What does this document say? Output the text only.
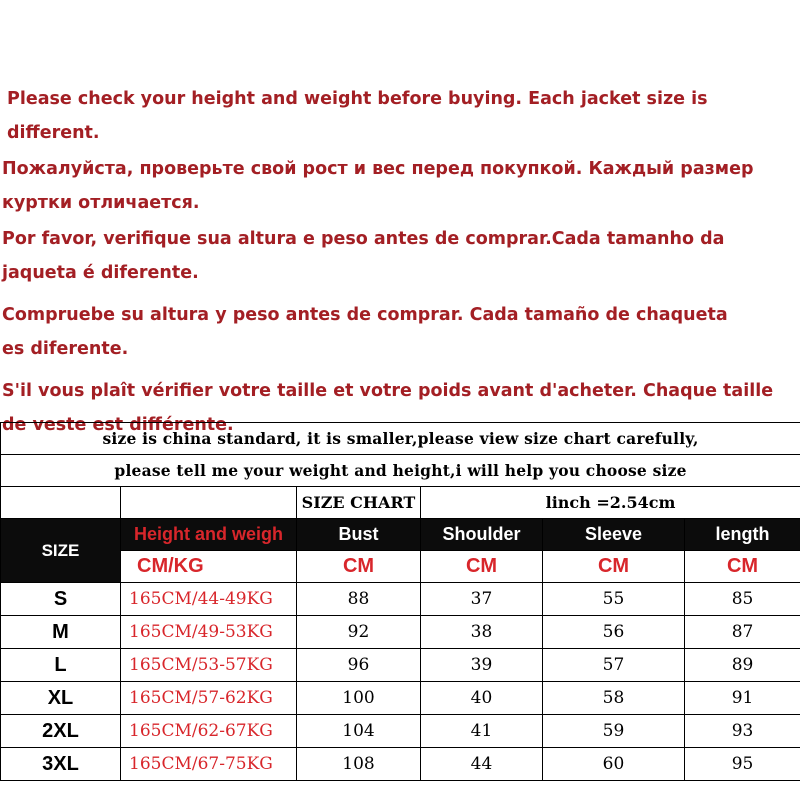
Please check your height and weight before buying. Each jacket size is different.
Пожалуйста, проверьте свой рост и вес перед покупкой. Каждый размер куртки отличается.
Por favor, verifique sua altura e peso antes de comprar.Cada tamanho da jaqueta é diferente.
Compruebe su altura y peso antes de comprar. Cada tamaño de chaqueta es diferente.
S'il vous plaît vérifier votre taille et votre poids avant d'acheter. Chaque taille de veste est différente.
size is china standard, it is smaller,please view size chart carefully,					
please tell me your weight and height,i will help you choose size					
		SIZE CHART	linch =2.54cm		
SIZE	Height and weigh	Bust	Shoulder	Sleeve	length
	CM/KG	CM	CM	CM	CM
S	165CM/44-49KG	88	37	55	85
M	165CM/49-53KG	92	38	56	87
L	165CM/53-57KG	96	39	57	89
XL	165CM/57-62KG	100	40	58	91
2XL	165CM/62-67KG	104	41	59	93
3XL	165CM/67-75KG	108	44	60	95
